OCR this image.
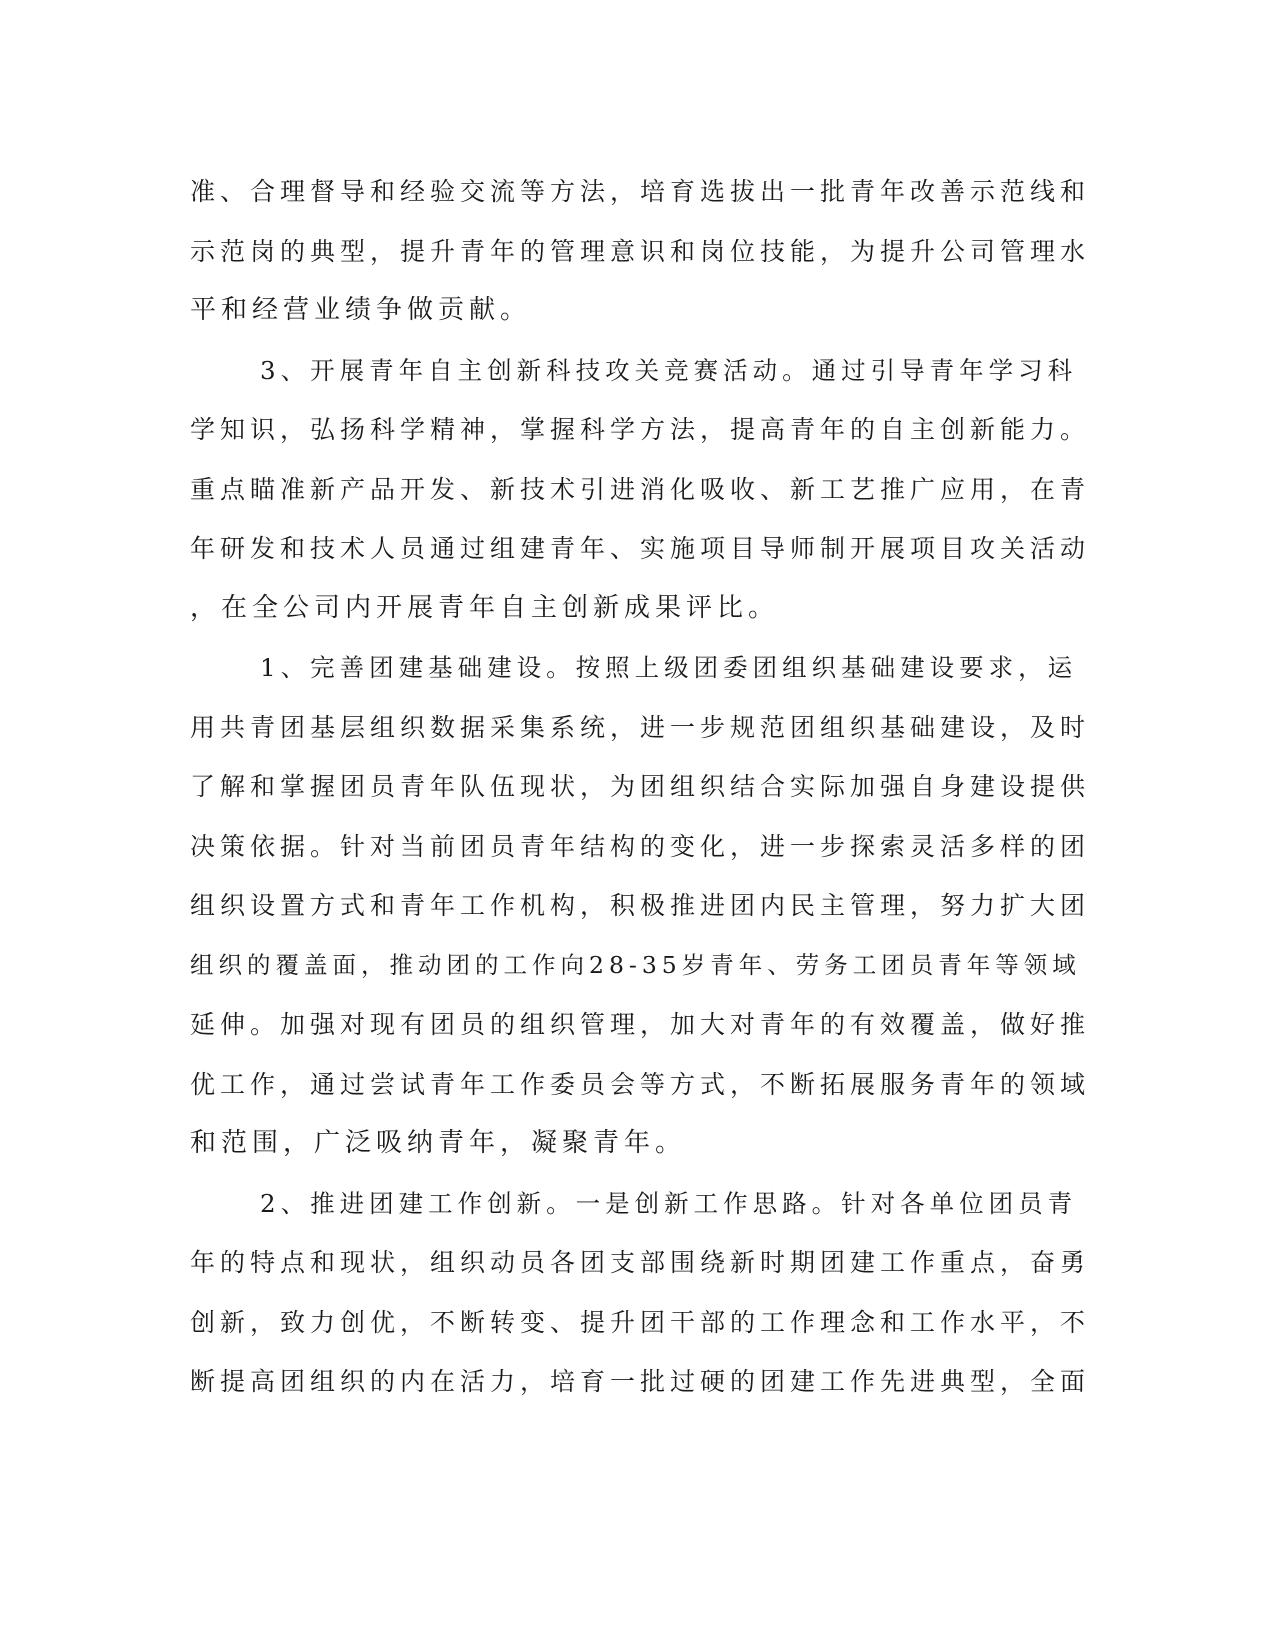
准、合理督导和经验交流等方法，培育选拔出一批青年改善示范线和
示范岗的典型，提升青年的管理意识和岗位技能，为提升公司管理水
平和经营业绩争做贡献。
3、开展青年自主创新科技攻关竞赛活动。通过引导青年学习科
学知识，弘扬科学精神，掌握科学方法，提高青年的自主创新能力。
重点瞄准新产品开发、新技术引进消化吸收、新工艺推广应用，在青
年研发和技术人员通过组建青年、实施项目导师制开展项目攻关活动
，在全公司内开展青年自主创新成果评比。
1、完善团建基础建设。按照上级团委团组织基础建设要求，运
用共青团基层组织数据采集系统，进一步规范团组织基础建设，及时
了解和掌握团员青年队伍现状，为团组织结合实际加强自身建设提供
决策依据。针对当前团员青年结构的变化，进一步探索灵活多样的团
组织设置方式和青年工作机构，积极推进团内民主管理，努力扩大团
组织的覆盖面，推动团的工作向28-35岁青年、劳务工团员青年等领域
延伸。加强对现有团员的组织管理，加大对青年的有效覆盖，做好推
优工作，通过尝试青年工作委员会等方式，不断拓展服务青年的领域
和范围，广泛吸纳青年，凝聚青年。
2、推进团建工作创新。一是创新工作思路。针对各单位团员青
年的特点和现状，组织动员各团支部围绕新时期团建工作重点，奋勇
创新，致力创优，不断转变、提升团干部的工作理念和工作水平，不
断提高团组织的内在活力，培育一批过硬的团建工作先进典型，全面
